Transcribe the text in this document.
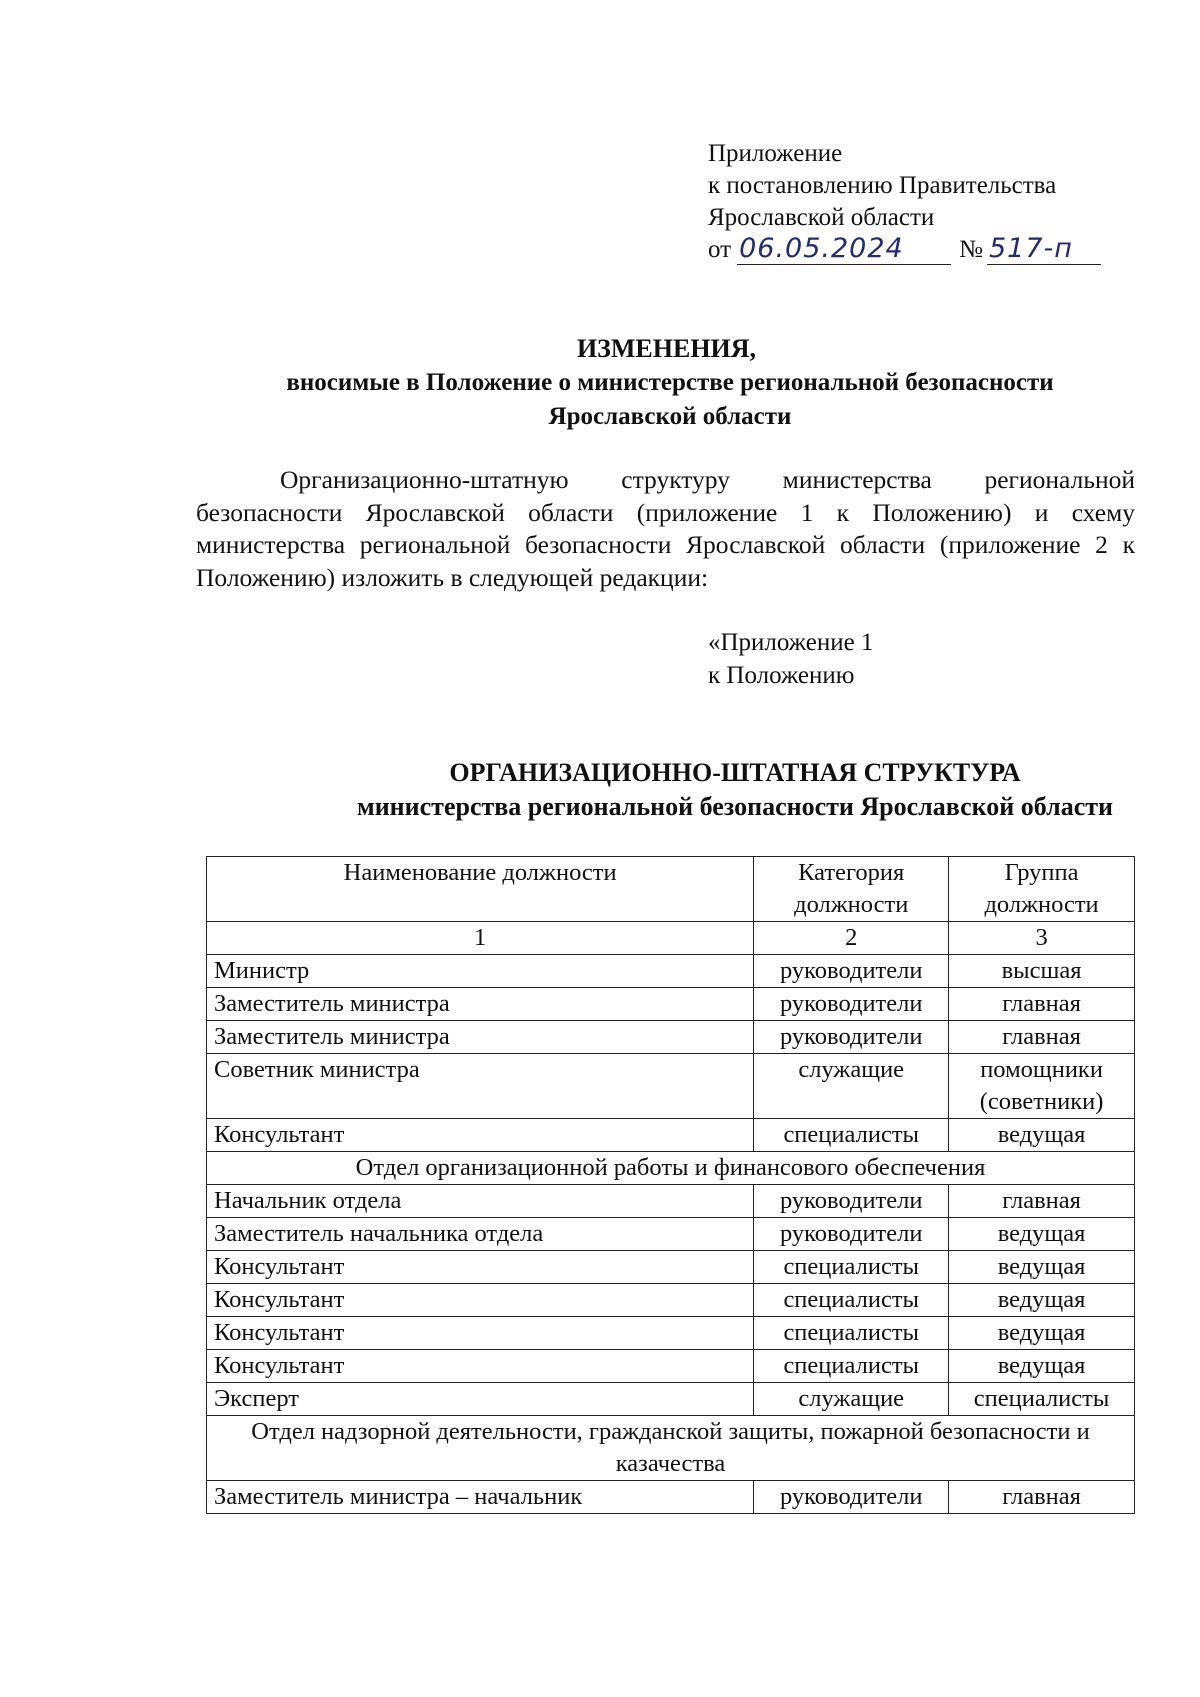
Приложение
к постановлению Правительства
Ярославской области
от 06.05.2024 № 517-п
ИЗМЕНЕНИЯ,
вносимые в Положение о министерстве региональной безопасности
Ярославской области
Организационно-штатную структуру министерства региональной безопасности Ярославской области (приложение 1 к Положению) и схему министерства региональной безопасности Ярославской области (приложение 2 к Положению) изложить в следующей редакции:
«Приложение 1
к Положению
ОРГАНИЗАЦИОННО-ШТАТНАЯ СТРУКТУРА
министерства региональной безопасности Ярославской области
Наименование должности	Категория должности	Группа должности
1	2	3
Министр	руководители	высшая
Заместитель министра	руководители	главная
Заместитель министра	руководители	главная
Советник министра	служащие	помощники (советники)
Консультант	специалисты	ведущая
Отдел организационной работы и финансового обеспечения		
Начальник отдела	руководители	главная
Заместитель начальника отдела	руководители	ведущая
Консультант	специалисты	ведущая
Консультант	специалисты	ведущая
Консультант	специалисты	ведущая
Консультант	специалисты	ведущая
Эксперт	служащие	специалисты
Отдел надзорной деятельности, гражданской защиты, пожарной безопасности и казачества		
Заместитель министра – начальник	руководители	главная
